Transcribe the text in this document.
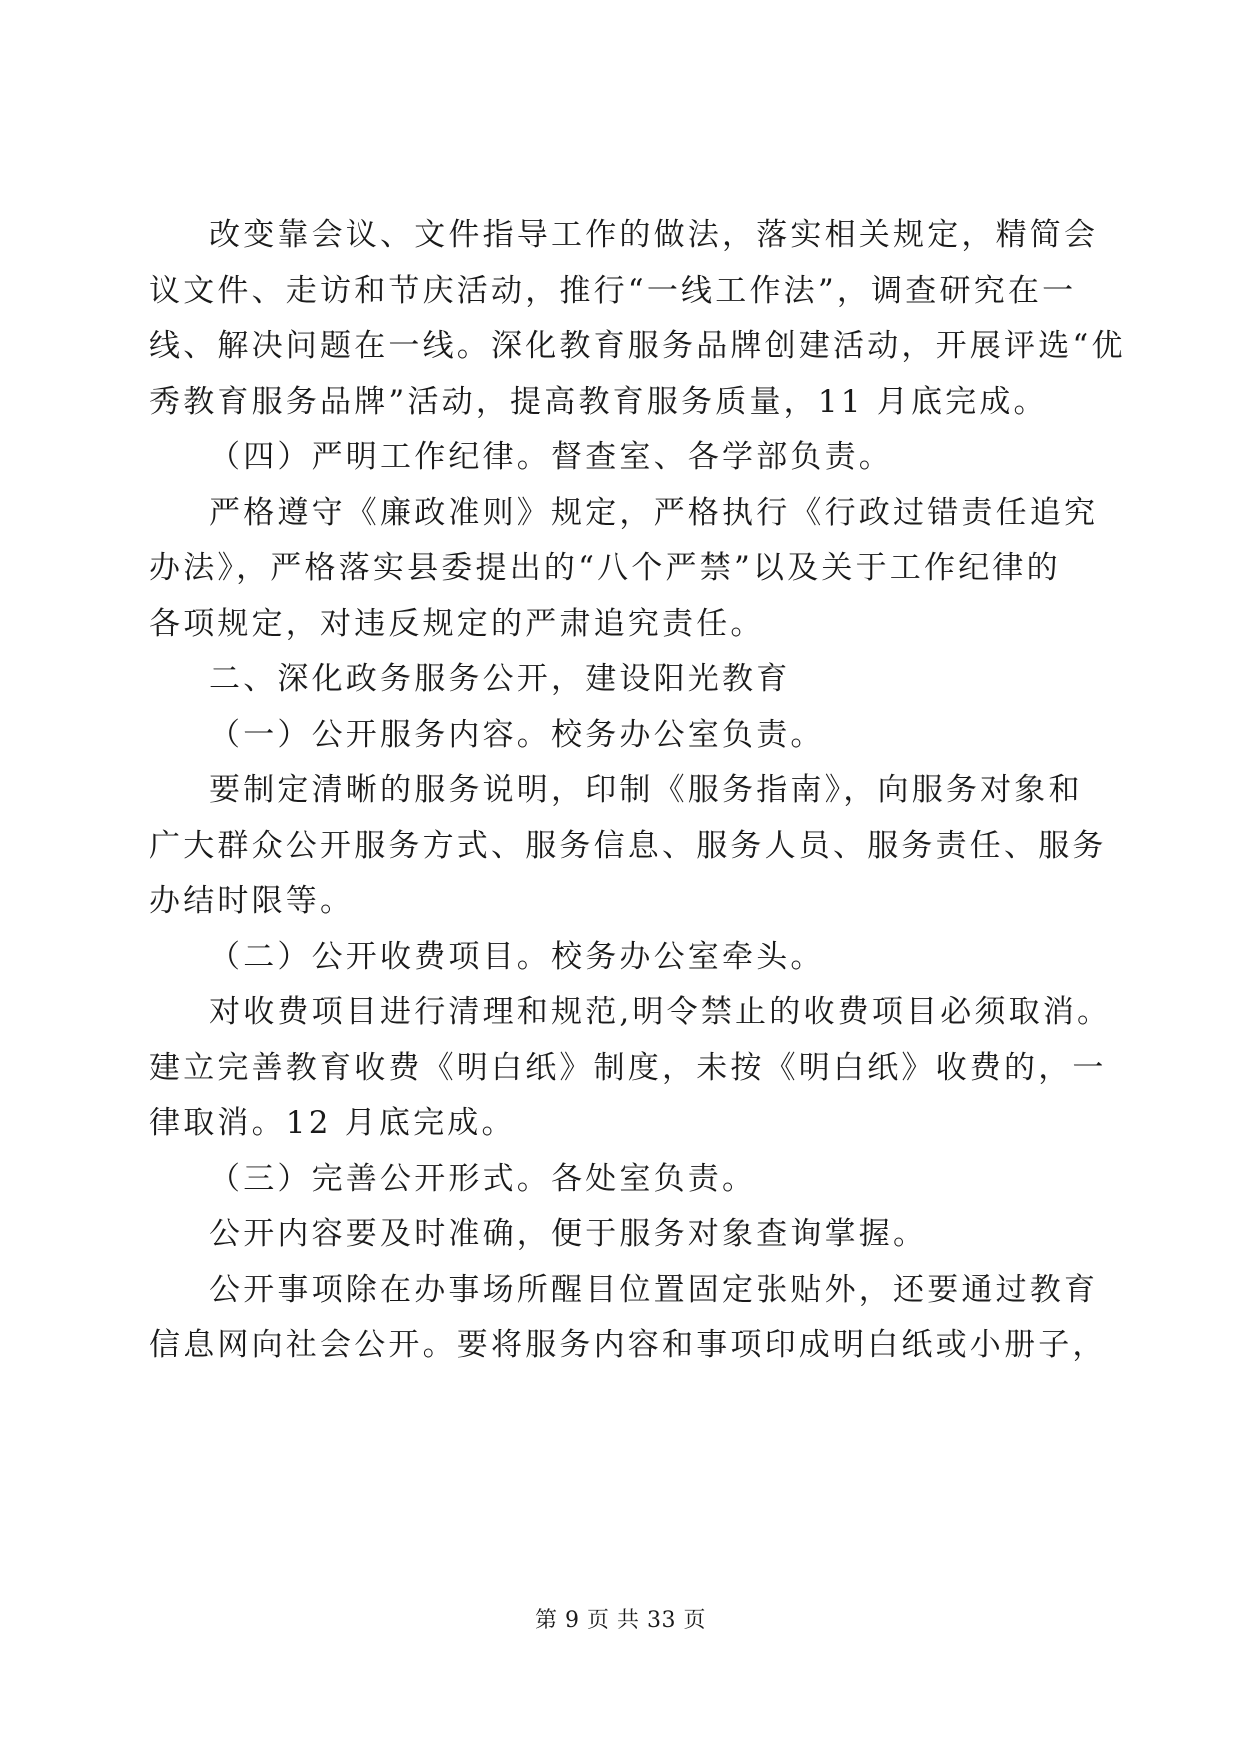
改变靠会议、文件指导工作的做法，落实相关规定，精简会

议文件、走访和节庆活动，推行“一线工作法”，调查研究在一

线、解决问题在一线。深化教育服务品牌创建活动，开展评选“优

秀教育服务品牌”活动，提高教育服务质量，11 月底完成。

（四）严明工作纪律。督查室、各学部负责。

严格遵守《廉政准则》规定，严格执行《行政过错责任追究

办法》，严格落实县委提出的“八个严禁”以及关于工作纪律的

各项规定，对违反规定的严肃追究责任。

二、深化政务服务公开，建设阳光教育

（一）公开服务内容。校务办公室负责。

要制定清晰的服务说明，印制《服务指南》，向服务对象和

广大群众公开服务方式、服务信息、服务人员、服务责任、服务

办结时限等。

（二）公开收费项目。校务办公室牵头。

对收费项目进行清理和规范,明令禁止的收费项目必须取消。

建立完善教育收费《明白纸》制度，未按《明白纸》收费的，一

律取消。12 月底完成。

（三）完善公开形式。各处室负责。

公开内容要及时准确，便于服务对象查询掌握。

公开事项除在办事场所醒目位置固定张贴外，还要通过教育

信息网向社会公开。要将服务内容和事项印成明白纸或小册子，

第 9 页 共 33 页
